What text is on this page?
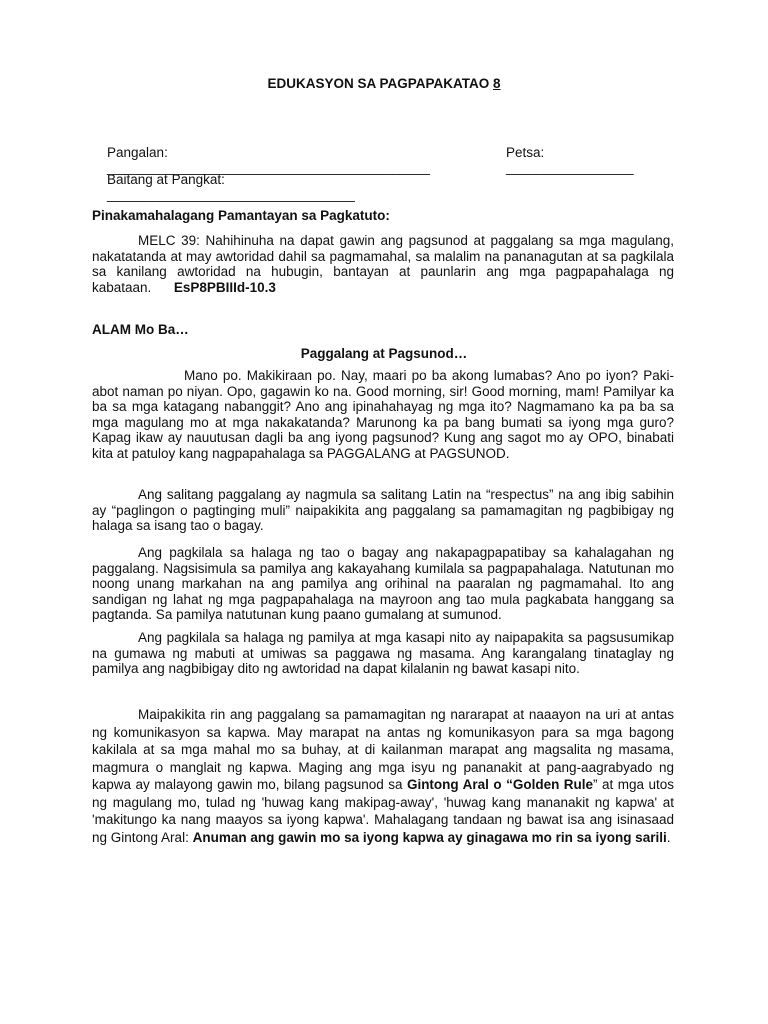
EDUKASYON SA PAGPAPAKATAO 8

Pangalan:
___________________________________________

Petsa:
_________________

Baitang at Pangkat:
_________________________________

Pinakamahalagang Pamantayan sa Pagkatuto:
MELC 39: Nahihinuha na dapat gawin ang pagsunod at paggalang sa mga magulang, nakatatanda at may awtoridad dahil sa pagmamahal, sa malalim na pananagutan at sa pagkilala sa kanilang awtoridad na hubugin, bantayan at paunlarin ang mga pagpapahalaga ng kabataan. EsP8PBIIId-10.3
ALAM Mo Ba…
Paggalang at Pagsunod…
Mano po. Makikiraan po. Nay, maari po ba akong lumabas? Ano po iyon? Paki-abot naman po niyan. Opo, gagawin ko na. Good morning, sir! Good morning, mam! Pamilyar ka ba sa mga katagang nabanggit? Ano ang ipinahahayag ng mga ito? Nagmamano ka pa ba sa mga magulang mo at mga nakakatanda? Marunong ka pa bang bumati sa iyong mga guro? Kapag ikaw ay nauutusan dagli ba ang iyong pagsunod? Kung ang sagot mo ay OPO, binabati kita at patuloy kang nagpapahalaga sa PAGGALANG at PAGSUNOD.
Ang salitang paggalang ay nagmula sa salitang Latin na “respectus” na ang ibig sabihin ay “paglingon o pagtinging muli” naipakikita ang paggalang sa pamamagitan ng pagbibigay ng halaga sa isang tao o bagay.
Ang pagkilala sa halaga ng tao o bagay ang nakapagpapatibay sa kahalagahan ng paggalang. Nagsisimula sa pamilya ang kakayahang kumilala sa pagpapahalaga. Natutunan mo noong unang markahan na ang pamilya ang orihinal na paaralan ng pagmamahal. Ito ang sandigan ng lahat ng mga pagpapahalaga na mayroon ang tao mula pagkabata hanggang sa pagtanda. Sa pamilya natutunan kung paano gumalang at sumunod.
Ang pagkilala sa halaga ng pamilya at mga kasapi nito ay naipapakita sa pagsusumikap na gumawa ng mabuti at umiwas sa paggawa ng masama. Ang karangalang tinataglay ng pamilya ang nagbibigay dito ng awtoridad na dapat kilalanin ng bawat kasapi nito.
Maipakikita rin ang paggalang sa pamamagitan ng nararapat at naaayon na uri at antas ng komunikasyon sa kapwa. May marapat na antas ng komunikasyon para sa mga bagong kakilala at sa mga mahal mo sa buhay, at di kailanman marapat ang magsalita ng masama, magmura o manglait ng kapwa. Maging ang mga isyu ng pananakit at pang-aagrabyado ng kapwa ay malayong gawin mo, bilang pagsunod sa Gintong Aral o “Golden Rule” at mga utos ng magulang mo, tulad ng 'huwag kang makipag-away', 'huwag kang mananakit ng kapwa' at 'makitungo ka nang maayos sa iyong kapwa'. Mahalagang tandaan ng bawat isa ang isinasaad ng Gintong Aral: Anuman ang gawin mo sa iyong kapwa ay ginagawa mo rin sa iyong sarili.
